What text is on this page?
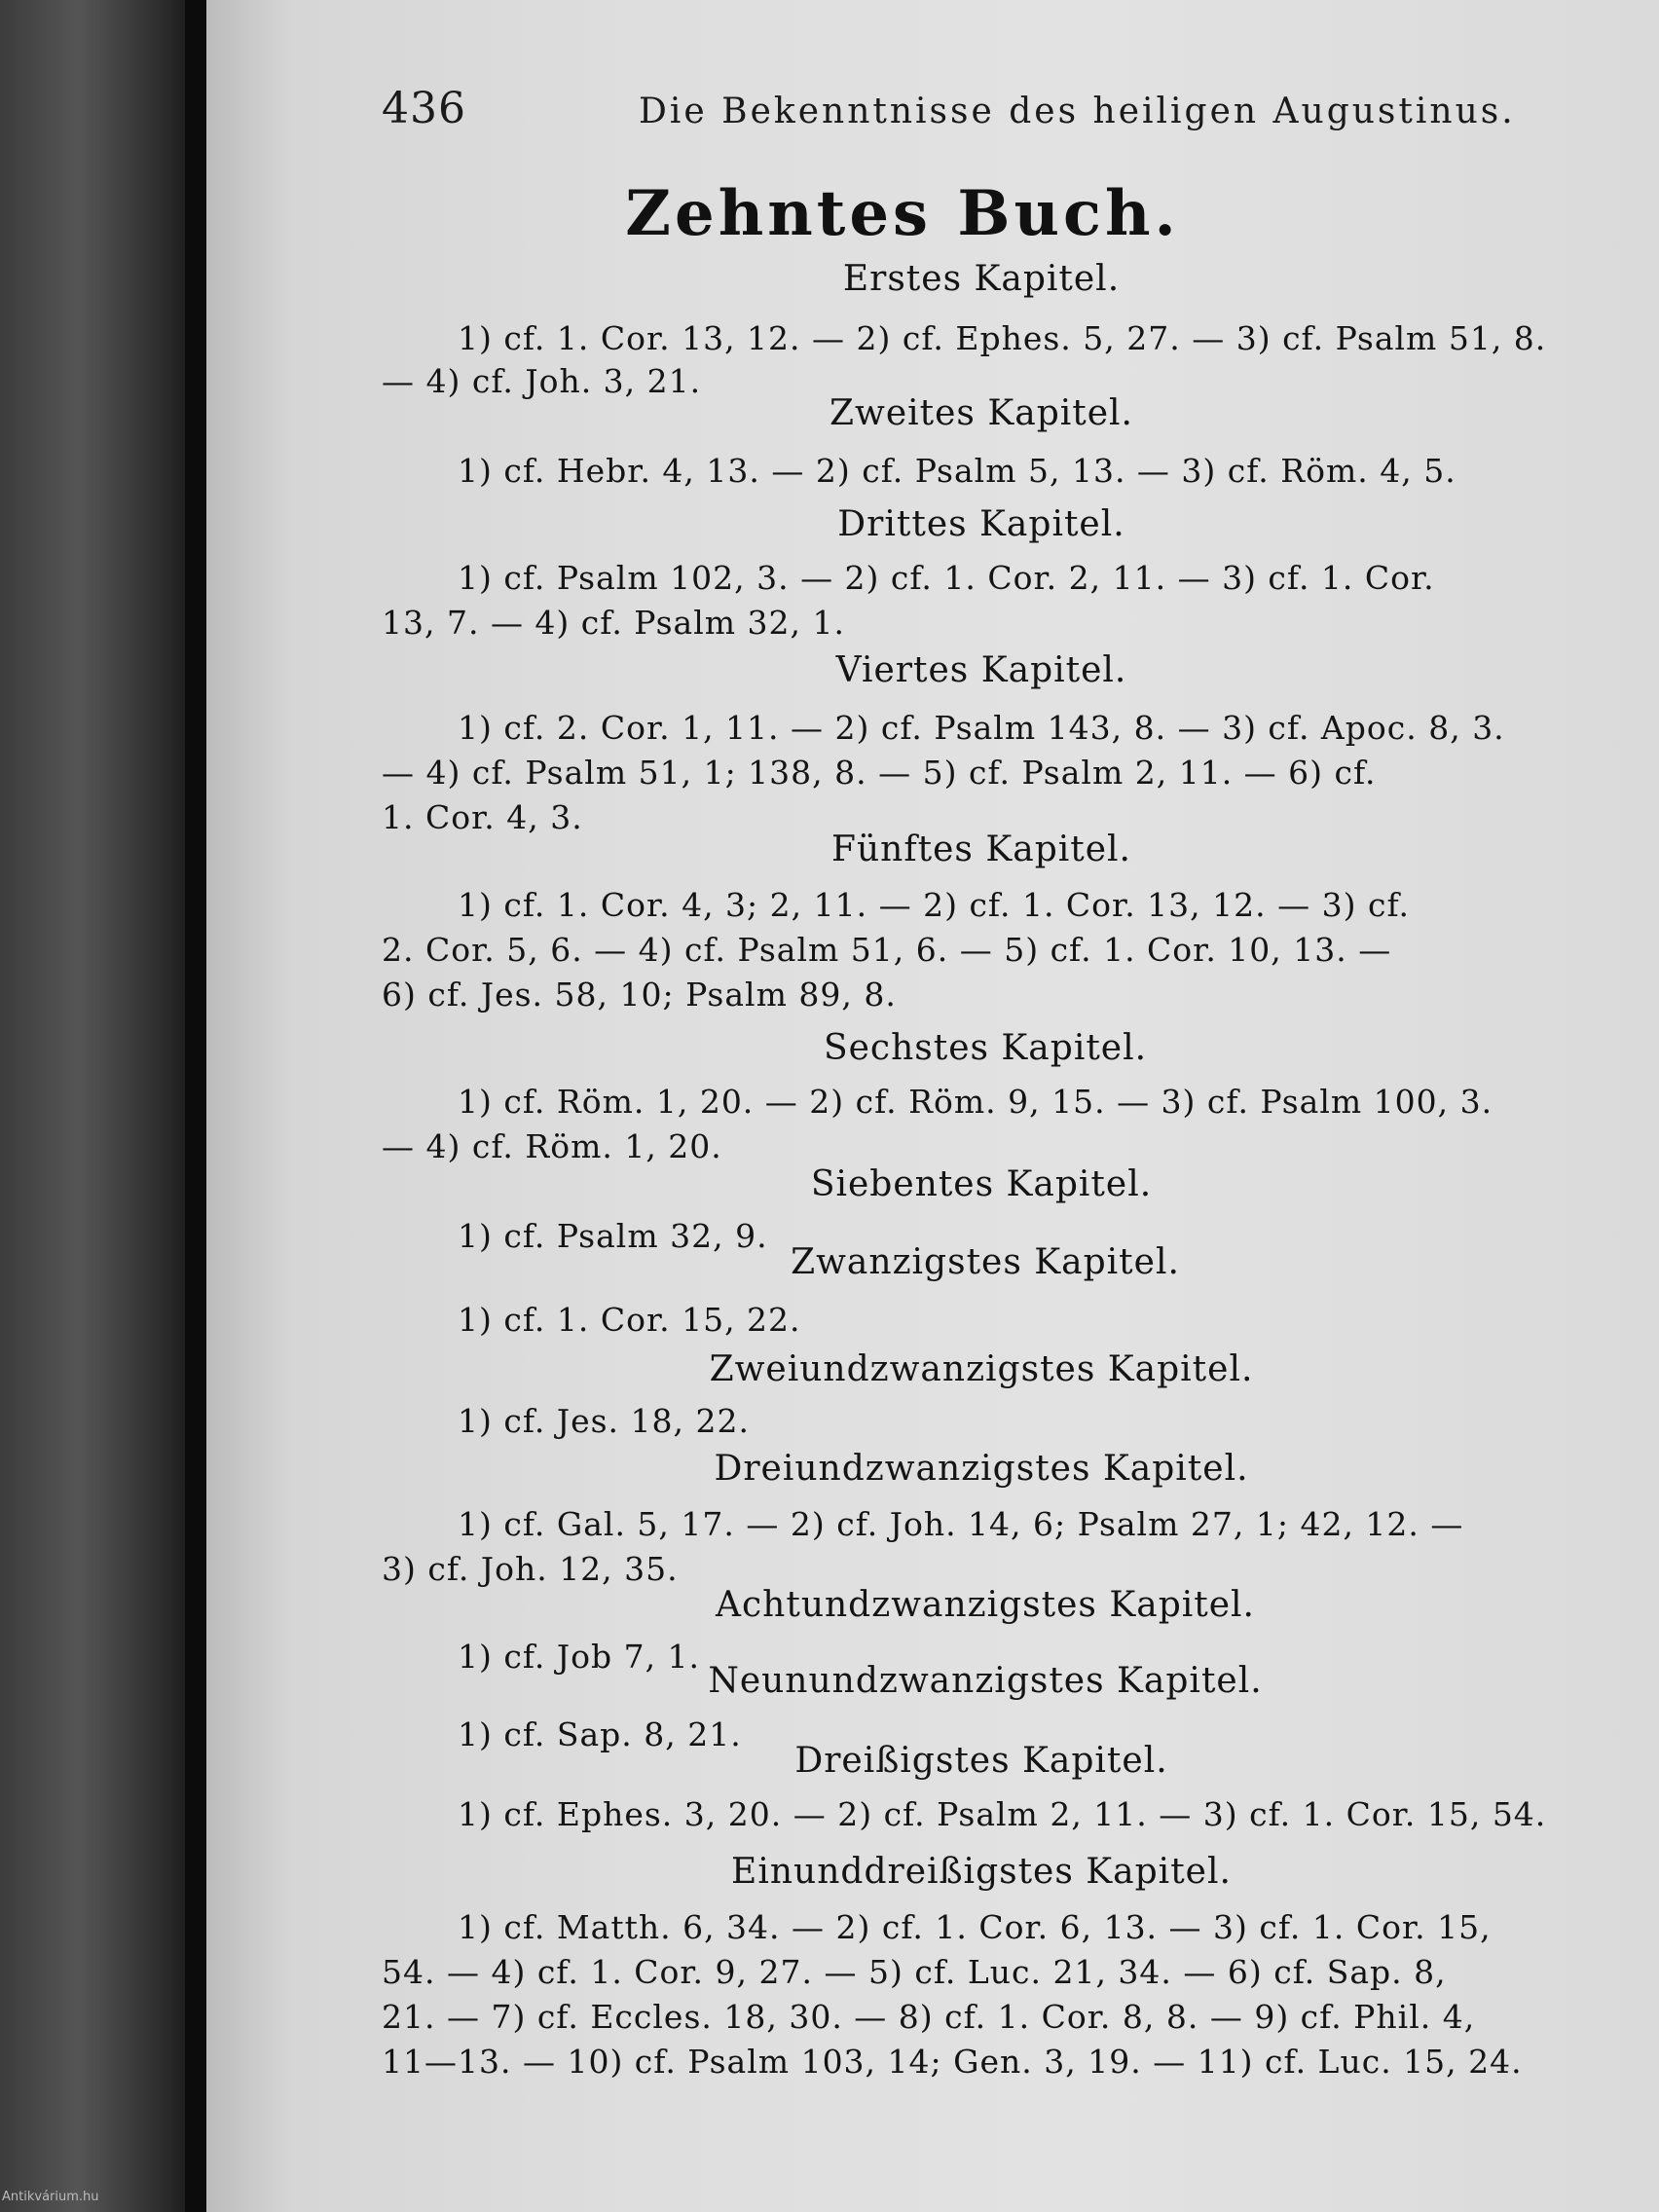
436	Die Bekenntnisse des heiligen Augustinus.
Zehntes Buch.
Erstes Kapitel.
1) cf. 1. Cor. 13, 12. — 2) cf. Ephes. 5, 27. — 3) cf. Psalm 51, 8.
— 4) cf. Joh. 3, 21.
Zweites Kapitel.
1) cf. Hebr. 4, 13. — 2) cf. Psalm 5, 13. — 3) cf. Röm. 4, 5.
Drittes Kapitel.
1) cf. Psalm 102, 3. — 2) cf. 1. Cor. 2, 11. — 3) cf. 1. Cor.
13, 7. — 4) cf. Psalm 32, 1.
Viertes Kapitel.
1) cf. 2. Cor. 1, 11. — 2) cf. Psalm 143, 8. — 3) cf. Apoc. 8, 3.
— 4) cf. Psalm 51, 1; 138, 8. — 5) cf. Psalm 2, 11. — 6) cf.
1. Cor. 4, 3.
Fünftes Kapitel.
1) cf. 1. Cor. 4, 3; 2, 11. — 2) cf. 1. Cor. 13, 12. — 3) cf.
2. Cor. 5, 6. — 4) cf. Psalm 51, 6. — 5) cf. 1. Cor. 10, 13. —
6) cf. Jes. 58, 10; Psalm 89, 8.
Sechstes Kapitel.
1) cf. Röm. 1, 20. — 2) cf. Röm. 9, 15. — 3) cf. Psalm 100, 3.
— 4) cf. Röm. 1, 20.
Siebentes Kapitel.
1) cf. Psalm 32, 9.
Zwanzigstes Kapitel.
1) cf. 1. Cor. 15, 22.
Zweiundzwanzigstes Kapitel.
1) cf. Jes. 18, 22.
Dreiundzwanzigstes Kapitel.
1) cf. Gal. 5, 17. — 2) cf. Joh. 14, 6; Psalm 27, 1; 42, 12. —
3) cf. Joh. 12, 35.
Achtundzwanzigstes Kapitel.
1) cf. Job 7, 1.
Neunundzwanzigstes Kapitel.
1) cf. Sap. 8, 21.
Dreißigstes Kapitel.
1) cf. Ephes. 3, 20. — 2) cf. Psalm 2, 11. — 3) cf. 1. Cor. 15, 54.
Einunddreißigstes Kapitel.
1) cf. Matth. 6, 34. — 2) cf. 1. Cor. 6, 13. — 3) cf. 1. Cor. 15,
54. — 4) cf. 1. Cor. 9, 27. — 5) cf. Luc. 21, 34. — 6) cf. Sap. 8,
21. — 7) cf. Eccles. 18, 30. — 8) cf. 1. Cor. 8, 8. — 9) cf. Phil. 4,
11—13. — 10) cf. Psalm 103, 14; Gen. 3, 19. — 11) cf. Luc. 15, 24.
Antikvárium.hu
